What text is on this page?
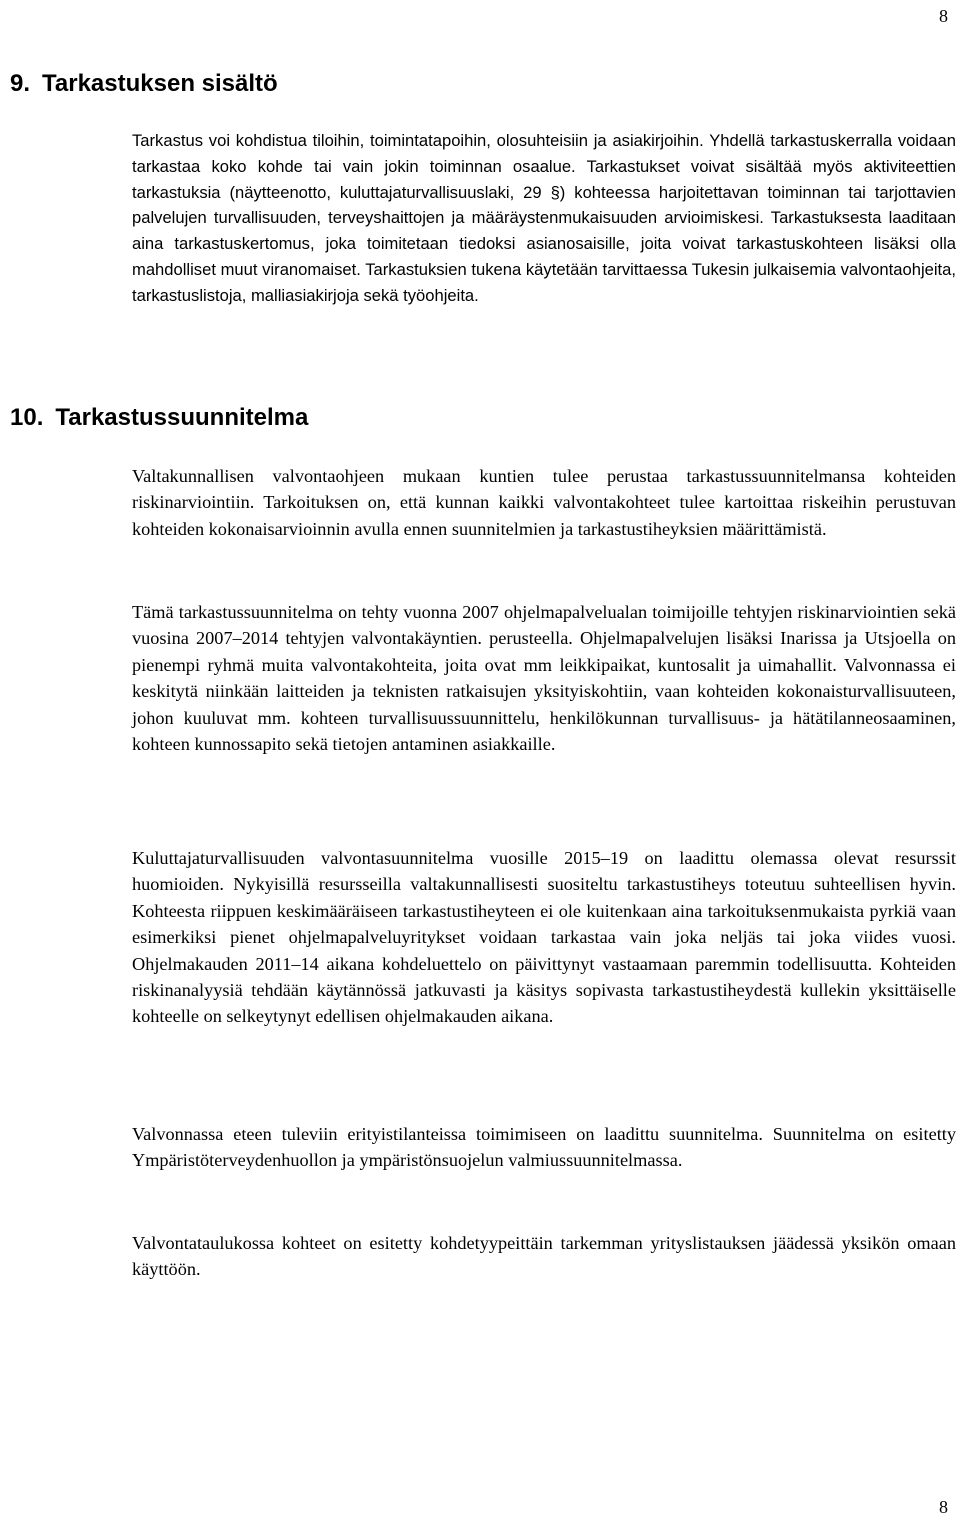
8
9. Tarkastuksen sisältö

Tarkastus voi kohdistua tiloihin, toimintatapoihin, olosuhteisiin ja asiakirjoihin. Yhdellä tarkastuskerralla voidaan tarkastaa koko kohde tai vain jokin toiminnan osaalue. Tarkastukset voivat sisältää myös aktiviteettien tarkastuksia (näytteenotto, kuluttajaturvallisuuslaki, 29 §) kohteessa harjoitettavan toiminnan tai tarjottavien palvelujen turvallisuuden, terveyshaittojen ja määräystenmukaisuuden arvioimiskesi. Tarkastuksesta laaditaan aina tarkastuskertomus, joka toimitetaan tiedoksi asianosaisille, joita voivat tarkastuskohteen lisäksi olla mahdolliset muut viranomaiset. Tarkastuksien tukena käytetään tarvittaessa Tukesin julkaisemia valvontaohjeita, tarkastuslistoja, malliasiakirjoja sekä työohjeita.

10. Tarkastussuunnitelma

Valtakunnallisen valvontaohjeen mukaan kuntien tulee perustaa tarkastussuunnitelmansa kohteiden riskinarviointiin. Tarkoituksen on, että kunnan kaikki valvontakohteet tulee kartoittaa riskeihin perustuvan kohteiden kokonaisarvioinnin avulla ennen suunnitelmien ja tarkastustiheyksien määrittämistä.

Tämä tarkastussuunnitelma on tehty vuonna 2007 ohjelmapalvelualan toimijoille tehtyjen riskinarviointien sekä vuosina 2007–2014 tehtyjen valvontakäyntien. perusteella. Ohjelmapalvelujen lisäksi Inarissa ja Utsjoella on pienempi ryhmä muita valvontakohteita, joita ovat mm leikkipaikat, kuntosalit ja uimahallit. Valvonnassa ei keskitytä niinkään laitteiden ja teknisten ratkaisujen yksityiskohtiin, vaan kohteiden kokonaisturvallisuuteen, johon kuuluvat mm. kohteen turvallisuussuunnittelu, henkilökunnan turvallisuus- ja hätätilanneosaaminen, kohteen kunnossapito sekä tietojen antaminen asiakkaille.

Kuluttajaturvallisuuden valvontasuunnitelma vuosille 2015–19 on laadittu olemassa olevat resurssit huomioiden. Nykyisillä resursseilla valtakunnallisesti suositeltu tarkastustiheys toteutuu suhteellisen hyvin. Kohteesta riippuen keskimääräiseen tarkastustiheyteen ei ole kuitenkaan aina tarkoituksenmukaista pyrkiä vaan esimerkiksi pienet ohjelmapalveluyritykset voidaan tarkastaa vain joka neljäs tai joka viides vuosi. Ohjelmakauden 2011–14 aikana kohdeluettelo on päivittynyt vastaamaan paremmin todellisuutta. Kohteiden riskinanalyysiä tehdään käytännössä jatkuvasti ja käsitys sopivasta tarkastustiheydestä kullekin yksittäiselle kohteelle on selkeytynyt edellisen ohjelmakauden aikana.

Valvonnassa eteen tuleviin erityistilanteissa toimimiseen on laadittu suunnitelma. Suunnitelma on esitetty Ympäristöterveydenhuollon ja ympäristönsuojelun valmiussuunnitelmassa.

Valvontataulukossa kohteet on esitetty kohdetyypeittäin tarkemman yrityslistauksen jäädessä yksikön omaan käyttöön.

8
